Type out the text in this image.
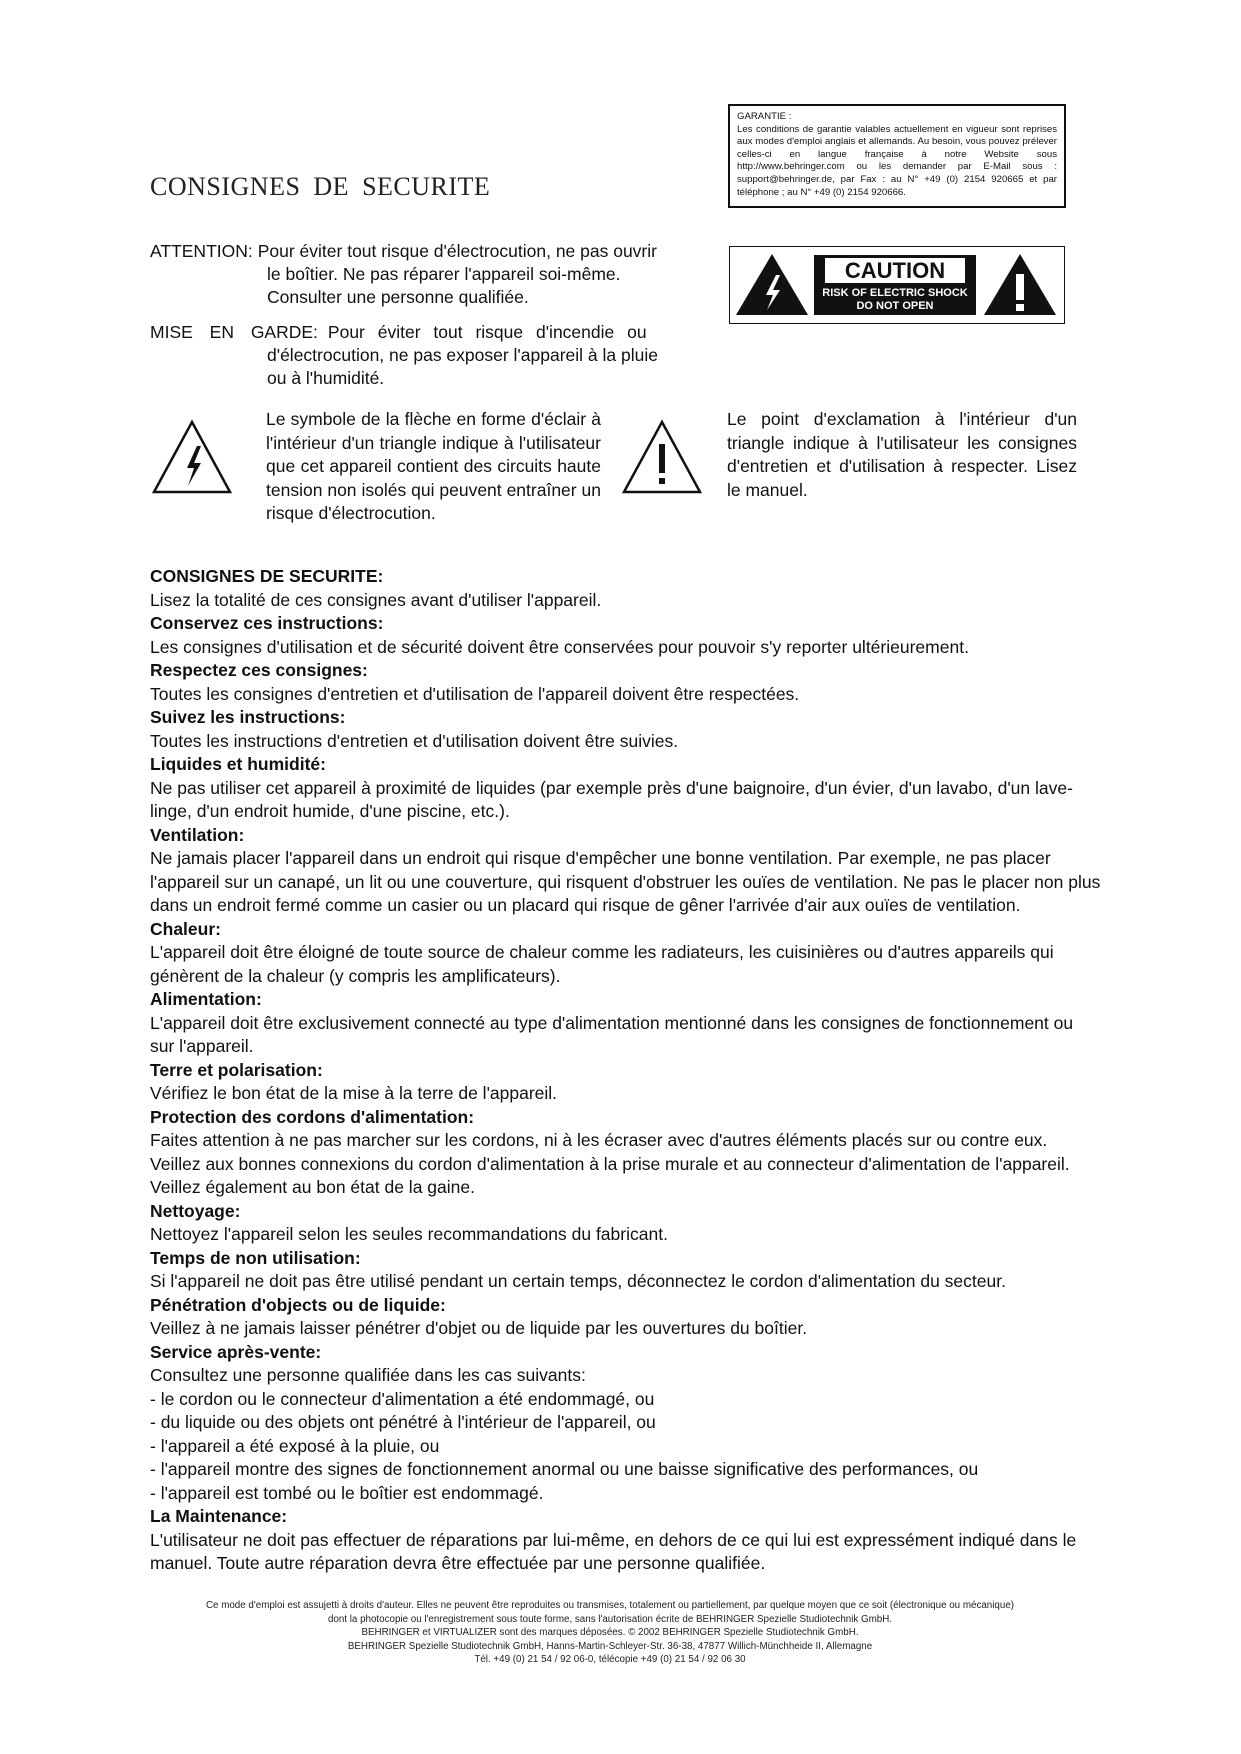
CONSIGNES DE SECURITE
GARANTIE :
Les conditions de garantie valables actuellement en vigueur sont reprises aux modes d'emploi anglais et allemands. Au besoin, vous pouvez prélever celles-ci en langue française à notre Website sous http://www.behringer.com ou les demander par E-Mail sous : support@behringer.de, par Fax : au N° +49 (0) 2154 920665 et par téléphone ; au N° +49 (0) 2154 920666.
CAUTION
RISK OF ELECTRIC SHOCK
DO NOT OPEN
ATTENTION: Pour éviter tout risque d'électrocution, ne pas ouvrir
le boîtier. Ne pas réparer l'appareil soi-même.
Consulter une personne qualifiée.
MISE EN GARDE: Pour éviter tout risque d'incendie ou
d'électrocution, ne pas exposer l'appareil à la pluie
ou à l'humidité.
Le symbole de la flèche en forme d'éclair à l'intérieur d'un triangle indique à l'utilisateur que cet appareil contient des circuits haute tension non isolés qui peuvent entraîner un risque d'électrocution.
Le point d'exclamation à l'intérieur d'un triangle indique à l'utilisateur les consignes d'entretien et d'utilisation à respecter. Lisez le manuel.
CONSIGNES DE SECURITE:

Lisez la totalité de ces consignes avant d'utiliser l'appareil.

Conservez ces instructions:

Les consignes d'utilisation et de sécurité doivent être conservées pour pouvoir s'y reporter ultérieurement.

Respectez ces consignes:

Toutes les consignes d'entretien et d'utilisation de l'appareil doivent être respectées.

Suivez les instructions:

Toutes les instructions d'entretien et d'utilisation doivent être suivies.

Liquides et humidité:

Ne pas utiliser cet appareil à proximité de liquides (par exemple près d'une baignoire, d'un évier, d'un lavabo, d'un lave-linge, d'un endroit humide, d'une piscine, etc.).

Ventilation:

Ne jamais placer l'appareil dans un endroit qui risque d'empêcher une bonne ventilation. Par exemple, ne pas placer l'appareil sur un canapé, un lit ou une couverture, qui risquent d'obstruer les ouïes de ventilation. Ne pas le placer non plus dans un endroit fermé comme un casier ou un placard qui risque de gêner l'arrivée d'air aux ouïes de ventilation.

Chaleur:

L'appareil doit être éloigné de toute source de chaleur comme les radiateurs, les cuisinières ou d'autres appareils qui génèrent de la chaleur (y compris les amplificateurs).

Alimentation:

L'appareil doit être exclusivement connecté au type d'alimentation mentionné dans les consignes de fonctionnement ou sur l'appareil.

Terre et polarisation:

Vérifiez le bon état de la mise à la terre de l'appareil.

Protection des cordons d'alimentation:

Faites attention à ne pas marcher sur les cordons, ni à les écraser avec d'autres éléments placés sur ou contre eux. Veillez aux bonnes connexions du cordon d'alimentation à la prise murale et au connecteur d'alimentation de l'appareil. Veillez également au bon état de la gaine.

Nettoyage:

Nettoyez l'appareil selon les seules recommandations du fabricant.

Temps de non utilisation:

Si l'appareil ne doit pas être utilisé pendant un certain temps, déconnectez le cordon d'alimentation du secteur.

Pénétration d'objects ou de liquide:

Veillez à ne jamais laisser pénétrer d'objet ou de liquide par les ouvertures du boîtier.

Service après-vente:

Consultez une personne qualifiée dans les cas suivants:

- le cordon ou le connecteur d'alimentation a été endommagé, ou

- du liquide ou des objets ont pénétré à l'intérieur de l'appareil, ou

- l'appareil a été exposé à la pluie, ou

- l'appareil montre des signes de fonctionnement anormal ou une baisse significative des performances, ou

- l'appareil est tombé ou le boîtier est endommagé.

La Maintenance:

L'utilisateur ne doit pas effectuer de réparations par lui-même, en dehors de ce qui lui est expressément indiqué dans le manuel. Toute autre réparation devra être effectuée par une personne qualifiée.

Ce mode d'emploi est assujetti à droits d'auteur. Elles ne peuvent être reproduites ou transmises, totalement ou partiellement, par quelque moyen que ce soit (électronique ou mécanique)
dont la photocopie ou l'enregistrement sous toute forme, sans l'autorisation écrite de BEHRINGER Spezielle Studiotechnik GmbH.
BEHRINGER et VIRTUALIZER sont des marques déposées. © 2002 BEHRINGER Spezielle Studiotechnik GmbH.
BEHRINGER Spezielle Studiotechnik GmbH, Hanns-Martin-Schleyer-Str. 36-38, 47877 Willich-Münchheide II, Allemagne
Tél. +49 (0) 21 54 / 92 06-0, télécopie +49 (0) 21 54 / 92 06 30
